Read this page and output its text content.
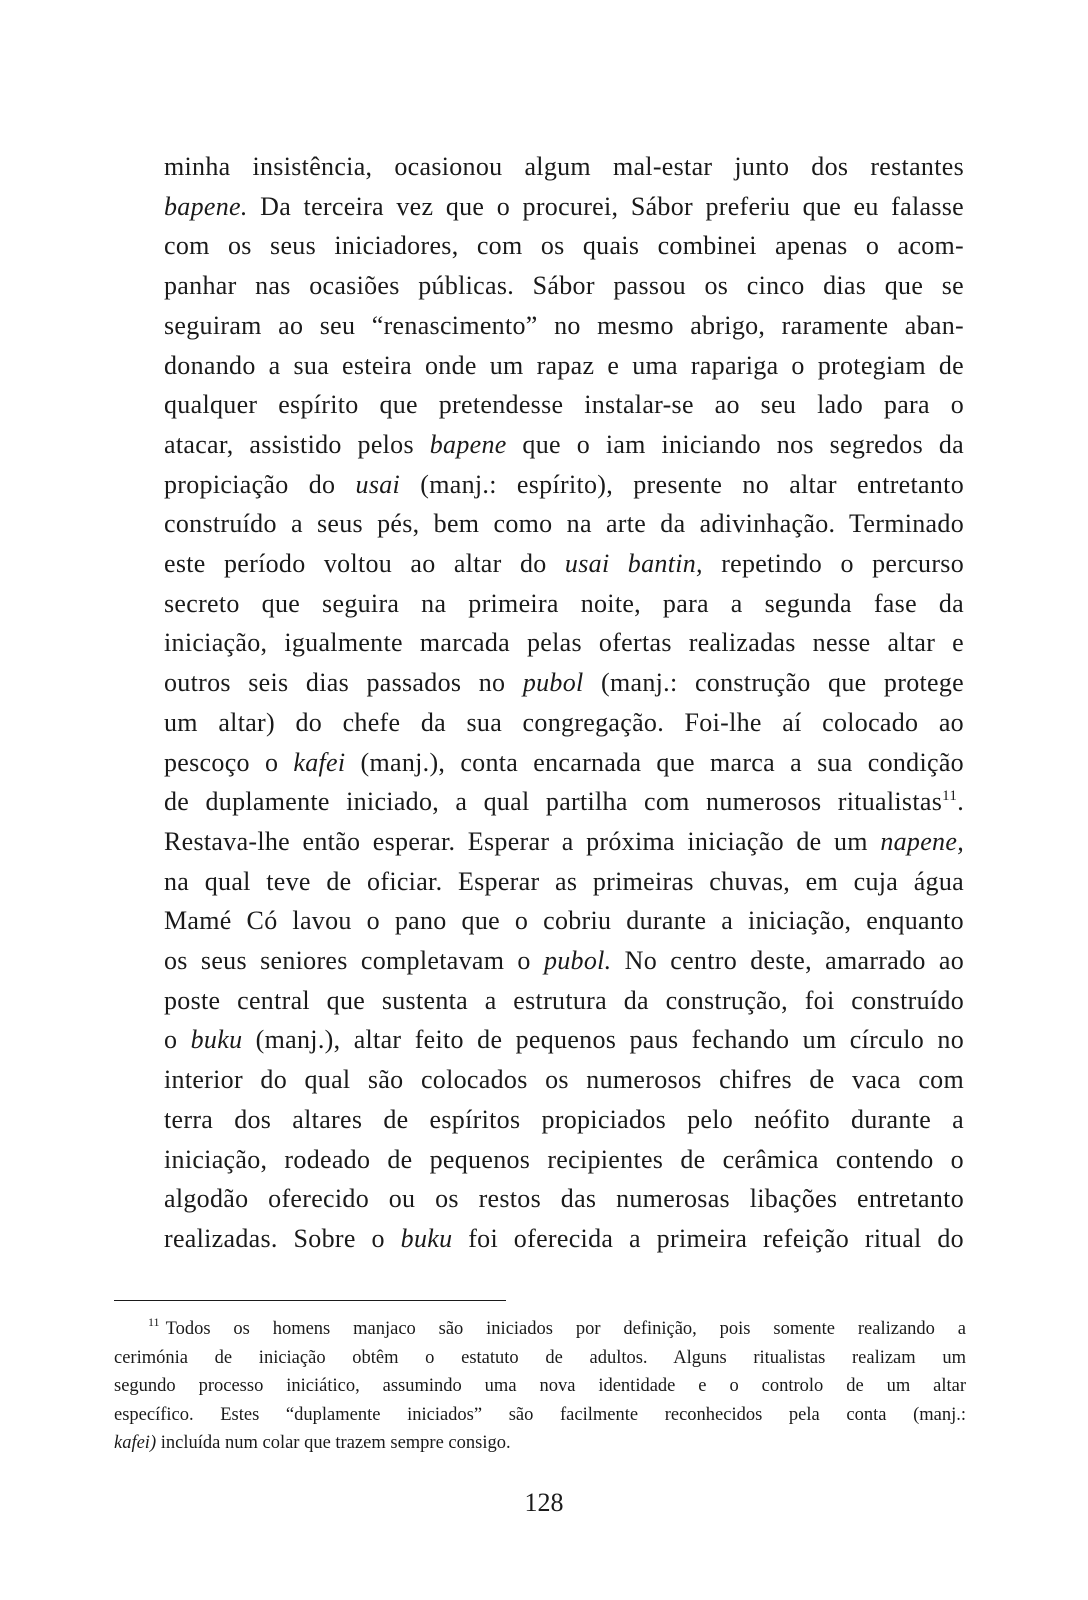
minha insistência, ocasionou algum mal-estar junto dos restantes
bapene. Da terceira vez que o procurei, Sábor preferiu que eu falasse
com os seus iniciadores, com os quais combinei apenas o acom-
panhar nas ocasiões públicas. Sábor passou os cinco dias que se
seguiram ao seu “renascimento” no mesmo abrigo, raramente aban-
donando a sua esteira onde um rapaz e uma rapariga o protegiam de
qualquer espírito que pretendesse instalar-se ao seu lado para o
atacar, assistido pelos bapene que o iam iniciando nos segredos da
propiciação do usai (manj.: espírito), presente no altar entretanto
construído a seus pés, bem como na arte da adivinhação. Terminado
este período voltou ao altar do usai bantin, repetindo o percurso
secreto que seguira na primeira noite, para a segunda fase da
iniciação, igualmente marcada pelas ofertas realizadas nesse altar e
outros seis dias passados no pubol (manj.: construção que protege
um altar) do chefe da sua congregação. Foi-lhe aí colocado ao
pescoço o kafei (manj.), conta encarnada que marca a sua condição
de duplamente iniciado, a qual partilha com numerosos ritualistas$^{11}$.
Restava-lhe então esperar. Esperar a próxima iniciação de um napene,
na qual teve de oficiar. Esperar as primeiras chuvas, em cuja água
Mamé Có lavou o pano que o cobriu durante a iniciação, enquanto
os seus seniores completavam o pubol. No centro deste, amarrado ao
poste central que sustenta a estrutura da construção, foi construído
o buku (manj.), altar feito de pequenos paus fechando um círculo no
interior do qual são colocados os numerosos chifres de vaca com
terra dos altares de espíritos propiciados pelo neófito durante a
iniciação, rodeado de pequenos recipientes de cerâmica contendo o
algodão oferecido ou os restos das numerosas libações entretanto
realizadas. Sobre o buku foi oferecida a primeira refeição ritual do
$^{11}$ Todos os homens manjaco são iniciados por definição, pois somente realizando a
cerimónia de iniciação obtêm o estatuto de adultos. Alguns ritualistas realizam um
segundo processo iniciático, assumindo uma nova identidade e o controlo de um altar
específico. Estes “duplamente iniciados” são facilmente reconhecidos pela conta (manj.:
kafei) incluída num colar que trazem sempre consigo.
128
